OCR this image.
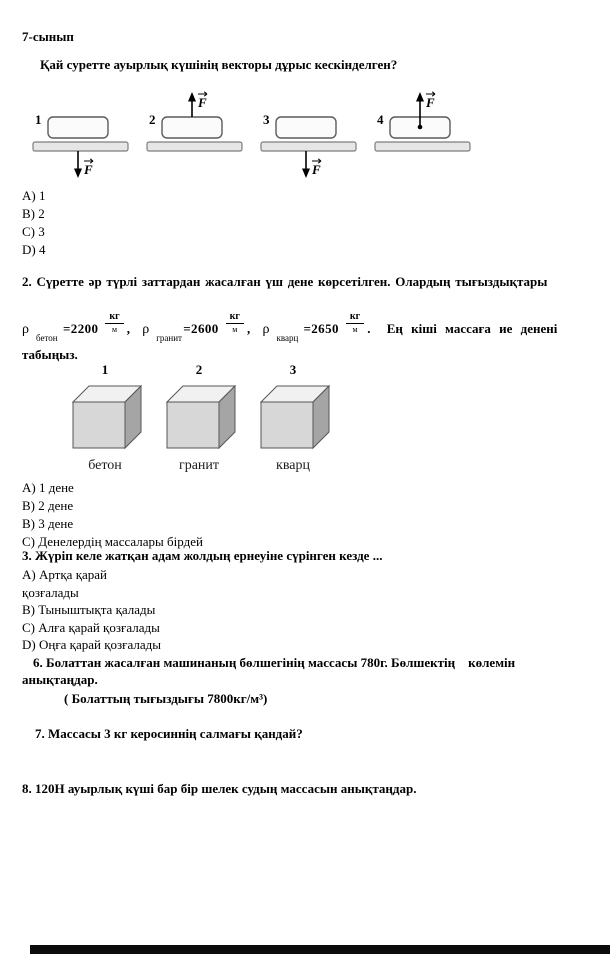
7-сынып
Қай суретте ауырлық күшінің векторы дұрыс кескінделген?
1
F
2
F
3
F
4
F
A) 1
B) 2
C) 3
D) 4
2. Сүретте әр түрлі заттардан жасалған үш дене көрсетілген. Олардың тығыздықтары
ρ
бетон
$=2200 \frac{кг}{м}$ , ρ
гранит
$=2600 \frac{кг}{м}$ , ρ
кварц
$=2650 \frac{кг}{м}$ . Ең кіші массаға ие денені
табыңыз.
1
бетон
2
гранит
3
кварц
A) 1 дене
B) 2 дене
B) 3 дене
C) Денелердің массалары бірдей
3. Жүріп келе жатқан адам жолдың ернеуіне сүрінген кезде ...
A) Артқа қарай
қозғалады
B) Тыныштықта қалады
C) Алға қарай қозғалады
D) Оңға қарай қозғалады
6. Болаттан жасалған машинаның бөлшегінің массасы 780г. Бөлшектің    көлемін
анықтаңдар.
( Болаттың тығыздығы 7800кг/м³)
7. Массасы 3 кг керосиннің салмағы қандай?
8. 120Н ауырлық күші бар бір шелек судың массасын анықтаңдар.
